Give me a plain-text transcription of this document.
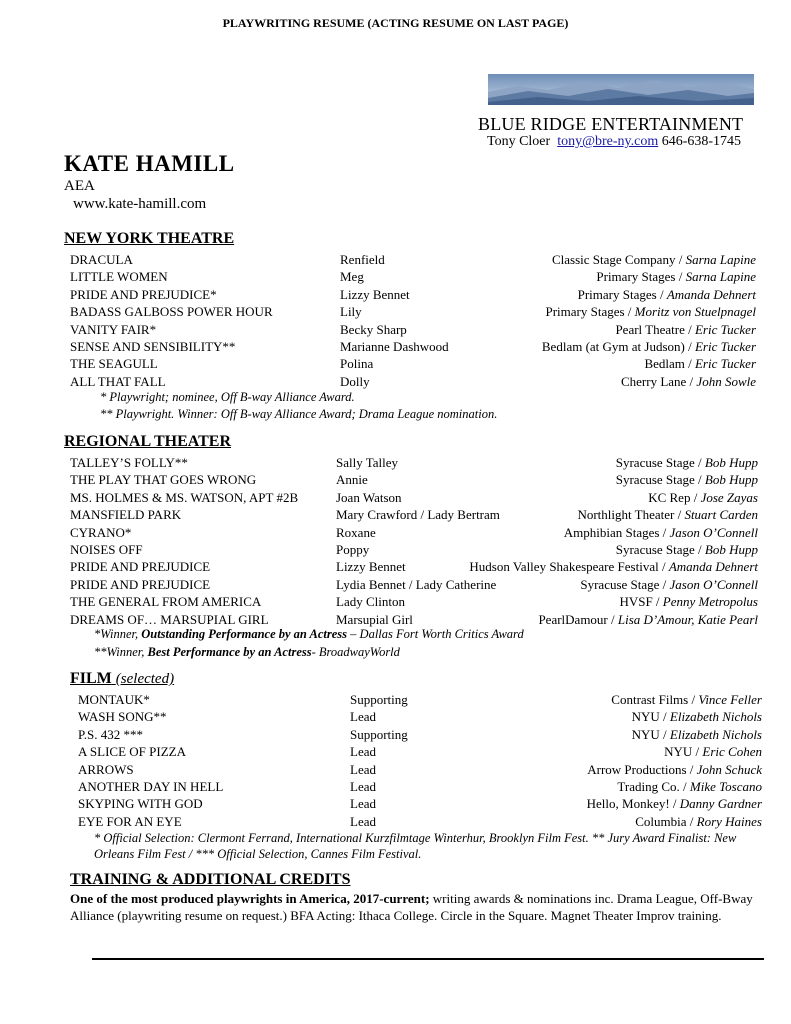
PLAYWRITING RESUME (ACTING RESUME ON LAST PAGE)
BLUE RIDGE ENTERTAINMENT
Tony Cloer tony@bre-ny.com 646-638-1745
KATE HAMILL
AEA
www.kate-hamill.com
NEW YORK THEATRE
DRACULA	Renfield	Classic Stage Company / Sarna Lapine
LITTLE WOMEN	Meg	Primary Stages / Sarna Lapine
PRIDE AND PREJUDICE*	Lizzy Bennet	Primary Stages / Amanda Dehnert
BADASS GALBOSS POWER HOUR	Lily	Primary Stages / Moritz von Stuelpnagel
VANITY FAIR*	Becky Sharp	Pearl Theatre / Eric Tucker
SENSE AND SENSIBILITY**	Marianne Dashwood	Bedlam (at Gym at Judson) / Eric Tucker
THE SEAGULL	Polina	Bedlam / Eric Tucker
ALL THAT FALL	Dolly	Cherry Lane / John Sowle
* Playwright; nominee, Off B-way Alliance Award.
** Playwright. Winner: Off B-way Alliance Award; Drama League nomination.
REGIONAL THEATER
TALLEY’S FOLLY**	Sally Talley	Syracuse Stage / Bob Hupp
THE PLAY THAT GOES WRONG	Annie	Syracuse Stage / Bob Hupp
MS. HOLMES & MS. WATSON, APT #2B	Joan Watson	KC Rep / Jose Zayas
MANSFIELD PARK	Mary Crawford / Lady Bertram	Northlight Theater / Stuart Carden
CYRANO*	Roxane	Amphibian Stages / Jason O’Connell
NOISES OFF	Poppy	Syracuse Stage / Bob Hupp
PRIDE AND PREJUDICE	Lizzy Bennet	Hudson Valley Shakespeare Festival / Amanda Dehnert
PRIDE AND PREJUDICE	Lydia Bennet / Lady Catherine	Syracuse Stage / Jason O’Connell
THE GENERAL FROM AMERICA	Lady Clinton	HVSF / Penny Metropolus
DREAMS OF… MARSUPIAL GIRL	Marsupial Girl	PearlDamour / Lisa D’Amour, Katie Pearl
*Winner, Outstanding Performance by an Actress – Dallas Fort Worth Critics Award
**Winner, Best Performance by an Actress- BroadwayWorld
FILM (selected)
MONTAUK*	Supporting	Contrast Films / Vince Feller
WASH SONG**	Lead	NYU / Elizabeth Nichols
P.S. 432 ***	Supporting	NYU / Elizabeth Nichols
A SLICE OF PIZZA	Lead	NYU / Eric Cohen
ARROWS	Lead	Arrow Productions / John Schuck
ANOTHER DAY IN HELL	Lead	Trading Co. / Mike Toscano
SKYPING WITH GOD	Lead	Hello, Monkey! / Danny Gardner
EYE FOR AN EYE	Lead	Columbia / Rory Haines
* Official Selection: Clermont Ferrand, International Kurzfilmtage Winterhur, Brooklyn Film Fest. ** Jury Award Finalist: New
Orleans Film Fest / *** Official Selection, Cannes Film Festival.
TRAINING & ADDITIONAL CREDITS
One of the most produced playwrights in America, 2017-current; writing awards & nominations inc. Drama League, Off-Bway Alliance (playwriting resume on request.) BFA Acting: Ithaca College. Circle in the Square. Magnet Theater Improv training.
